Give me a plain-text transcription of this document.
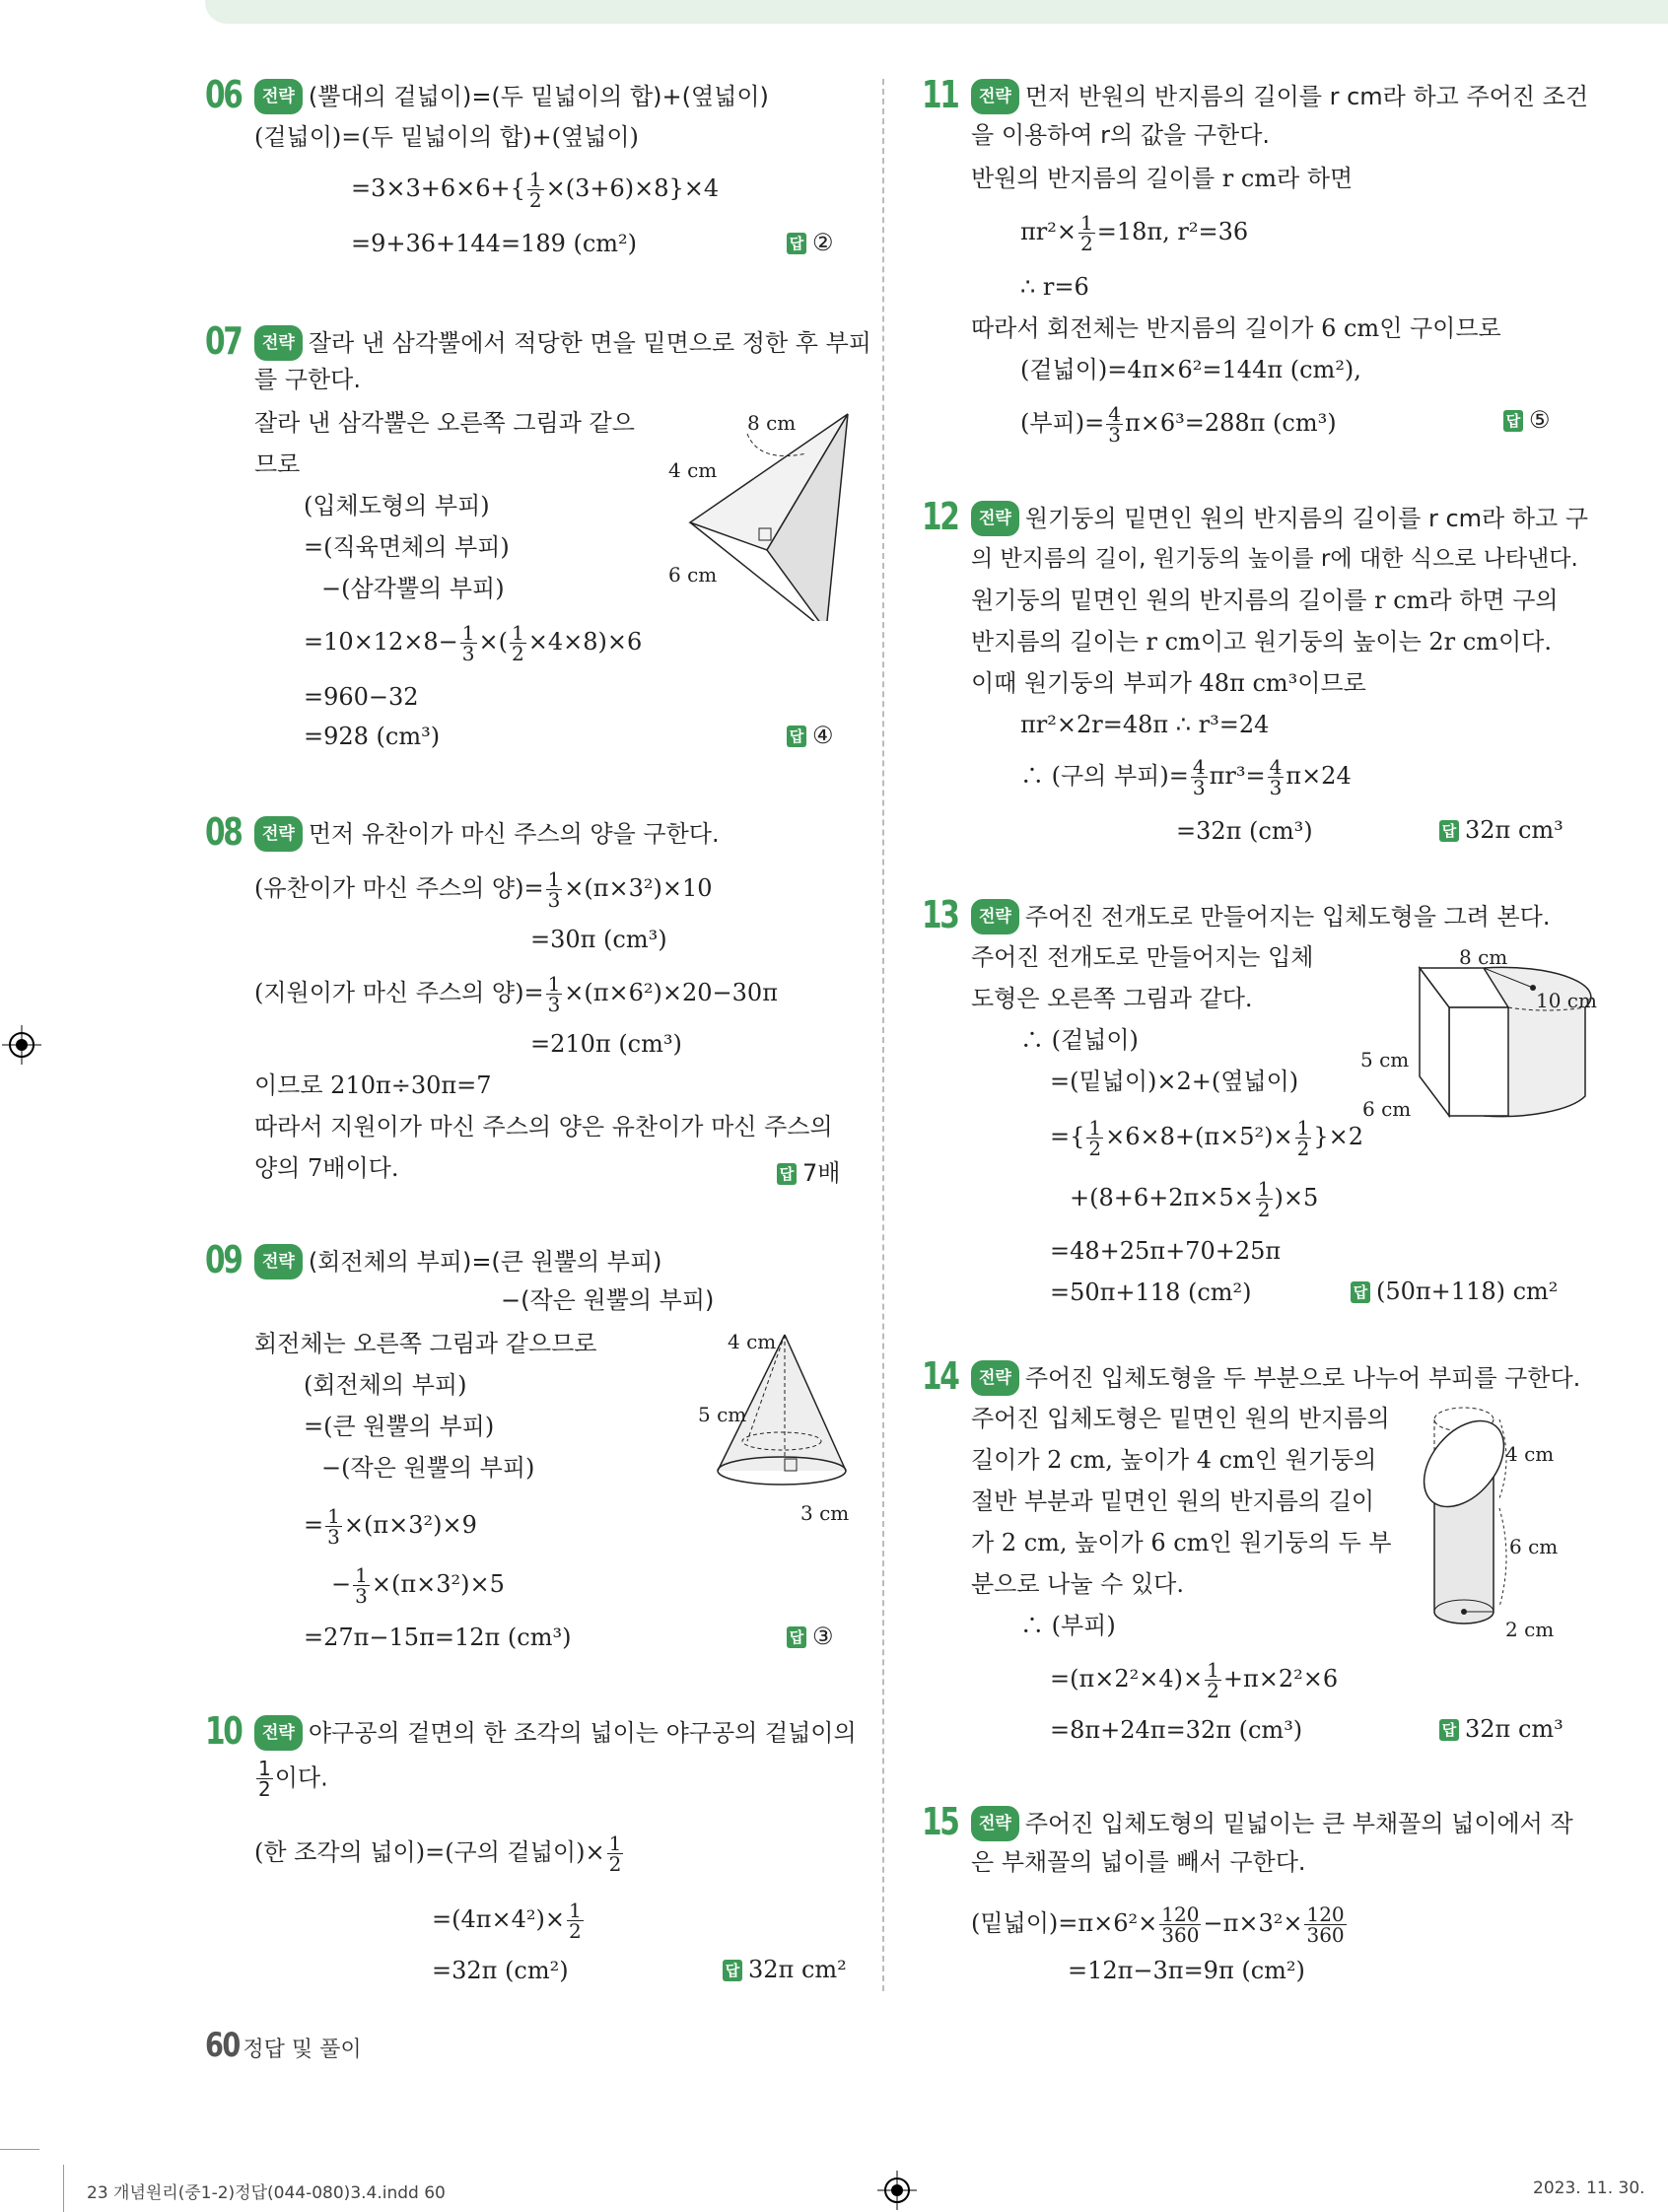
06	전략 (뿔대의 겉넓이)=(두 밑넓이의 합)+(옆넓이)
(겉넓이)=(두 밑넓이의 합)+(옆넓이)
$=3\times 3+6\times 6+\{ \frac{1}{2} \times(3+6)\times 8\}\times 4$
=9+36+144=189 (cm²)	답 ②
07	전략 잘라 낸 삼각뿔에서 적당한 면을 밑면으로 정한 후 부피
를 구한다.
잘라 낸 삼각뿔은 오른쪽 그림과 같으
므로
(입체도형의 부피)
=(직육면체의 부피)
−(삼각뿔의 부피)
$=10\times 12\times 8- \frac{1}{3}$ ×( $\frac{1}{2} \times 4\times 8)\times 6$
=960−32
=928 (cm³)	답 ④
8 cm
4 cm
6 cm
08	전략 먼저 유찬이가 마신 주스의 양을 구한다.
(유찬이가 마신 주스의 양)= $\frac{1}{3} \times(\pi\times 3^2)\times 10$
=30π (cm³)
(지원이가 마신 주스의 양)= $\frac{1}{3} \times(\pi\times 6^2)\times 20-30\pi$
=210π (cm³)
이므로 210π÷30π=7
따라서 지원이가 마신 주스의 양은 유찬이가 마신 주스의
양의 7배이다.	답 7배
09	전략 (회전체의 부피)=(큰 원뿔의 부피)
−(작은 원뿔의 부피)
회전체는 오른쪽 그림과 같으므로
(회전체의 부피)
=(큰 원뿔의 부피)
−(작은 원뿔의 부피)
= $\frac{1}{3} \times(\pi\times 3^2)\times 9$
− $\frac{1}{3} \times(\pi\times 3^2)\times 5$
=27π−15π=12π (cm³)	답 ③
4 cm
5 cm
3 cm
10	전략 야구공의 겉면의 한 조각의 넓이는 야구공의 겉넓이의
$\frac{1}{2}$ 이다.
(한 조각의 넓이)=(구의 겉넓이)× $\frac{1}{2}$
$=(4\pi\times 4^2)\times \frac{1}{2}$
=32π (cm²)	답 32π cm²
11	전략 먼저 반원의 반지름의 길이를 r cm라 하고 주어진 조건
을 이용하여 r의 값을 구한다.
반원의 반지름의 길이를 r cm라 하면
$\pi r^2\times \frac{1}{2} =18\pi$, r²=36
∴ r=6
따라서 회전체는 반지름의 길이가 6 cm인 구이므로
(겉넓이)=4π×6²=144π (cm²),
(부피)= $\frac{4}{3} \pi\times 6^3=288\pi$ (cm³)	답 ⑤
12	전략 원기둥의 밑면인 원의 반지름의 길이를 r cm라 하고 구
의 반지름의 길이, 원기둥의 높이를 r에 대한 식으로 나타낸다.
원기둥의 밑면인 원의 반지름의 길이를 r cm라 하면 구의
반지름의 길이는 r cm이고 원기둥의 높이는 2r cm이다.
이때 원기둥의 부피가 48π cm³이므로
πr²×2r=48π ∴ r³=24
∴ (구의 부피)= $\frac{4}{3} \pi r^3= \frac{4}{3} \pi\times 24$
=32π (cm³)	답 32π cm³
13	전략 주어진 전개도로 만들어지는 입체도형을 그려 본다.
주어진 전개도로 만들어지는 입체
도형은 오른쪽 그림과 같다.
∴ (겉넓이)
=(밑넓이)×2+(옆넓이)
={ $\frac{1}{2} \times 6\times 8+(\pi\times 5^2)\times \frac{1}{2} \}\times 2$
$+(8+6+2\pi\times 5\times \frac{1}{2} )\times 5$
=48+25π+70+25π
=50π+118 (cm²)	답 (50π+118) cm²
8 cm
10 cm
5 cm
6 cm
14	전략 주어진 입체도형을 두 부분으로 나누어 부피를 구한다.
주어진 입체도형은 밑면인 원의 반지름의
길이가 2 cm, 높이가 4 cm인 원기둥의
절반 부분과 밑면인 원의 반지름의 길이
가 2 cm, 높이가 6 cm인 원기둥의 두 부
분으로 나눌 수 있다.
∴ (부피)
$=(\pi\times 2^2\times 4)\times \frac{1}{2} +\pi\times 2^2\times 6$
=8π+24π=32π (cm³)	답 32π cm³
4 cm
6 cm
2 cm
15	전략 주어진 입체도형의 밑넓이는 큰 부채꼴의 넓이에서 작
은 부채꼴의 넓이를 빼서 구한다.
(밑넓이)$=\pi\times 6^2\times \frac{120}{360} -\pi\times 3^2\times \frac{120}{360}$
=12π−3π=9π (cm²)
60 정답 및 풀이
23 개념원리(중1-2)정답(044-080)3.4.indd 60	2023. 11. 30.
